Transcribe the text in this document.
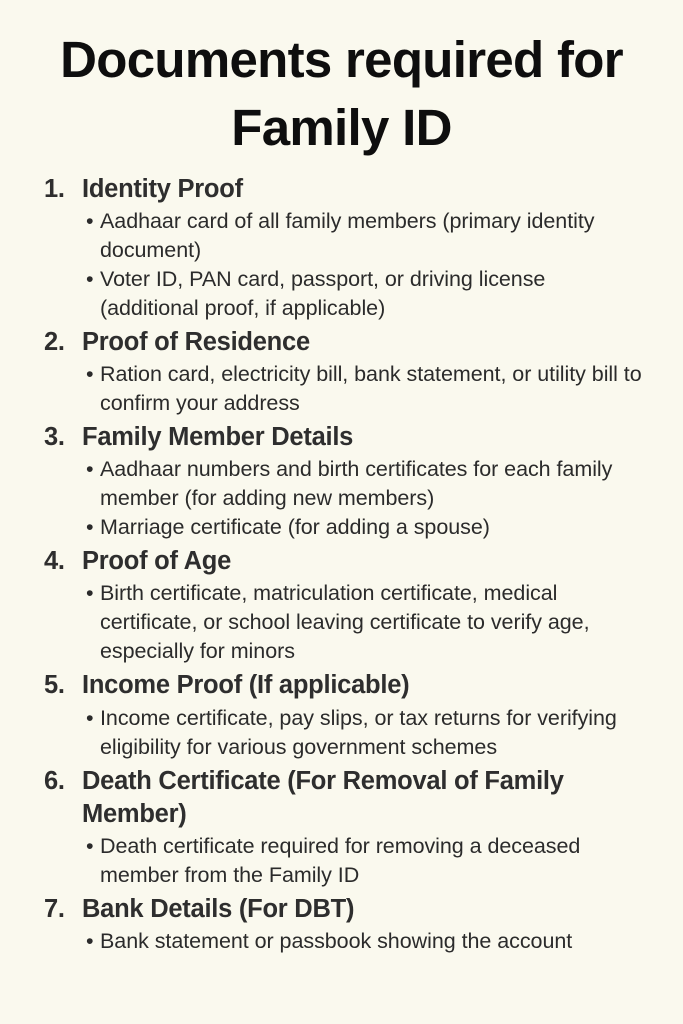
Documents required for Family ID
1. Identity Proof
• Aadhaar card of all family members (primary identity document)
• Voter ID, PAN card, passport, or driving license (additional proof, if applicable)
2. Proof of Residence
• Ration card, electricity bill, bank statement, or utility bill to confirm your address
3. Family Member Details
• Aadhaar numbers and birth certificates for each family member (for adding new members)
• Marriage certificate (for adding a spouse)
4. Proof of Age
• Birth certificate, matriculation certificate, medical certificate, or school leaving certificate to verify age, especially for minors
5. Income Proof (If applicable)
• Income certificate, pay slips, or tax returns for verifying eligibility for various government schemes
6. Death Certificate (For Removal of Family Member)
• Death certificate required for removing a deceased member from the Family ID
7. Bank Details (For DBT)
• Bank statement or passbook showing the account
